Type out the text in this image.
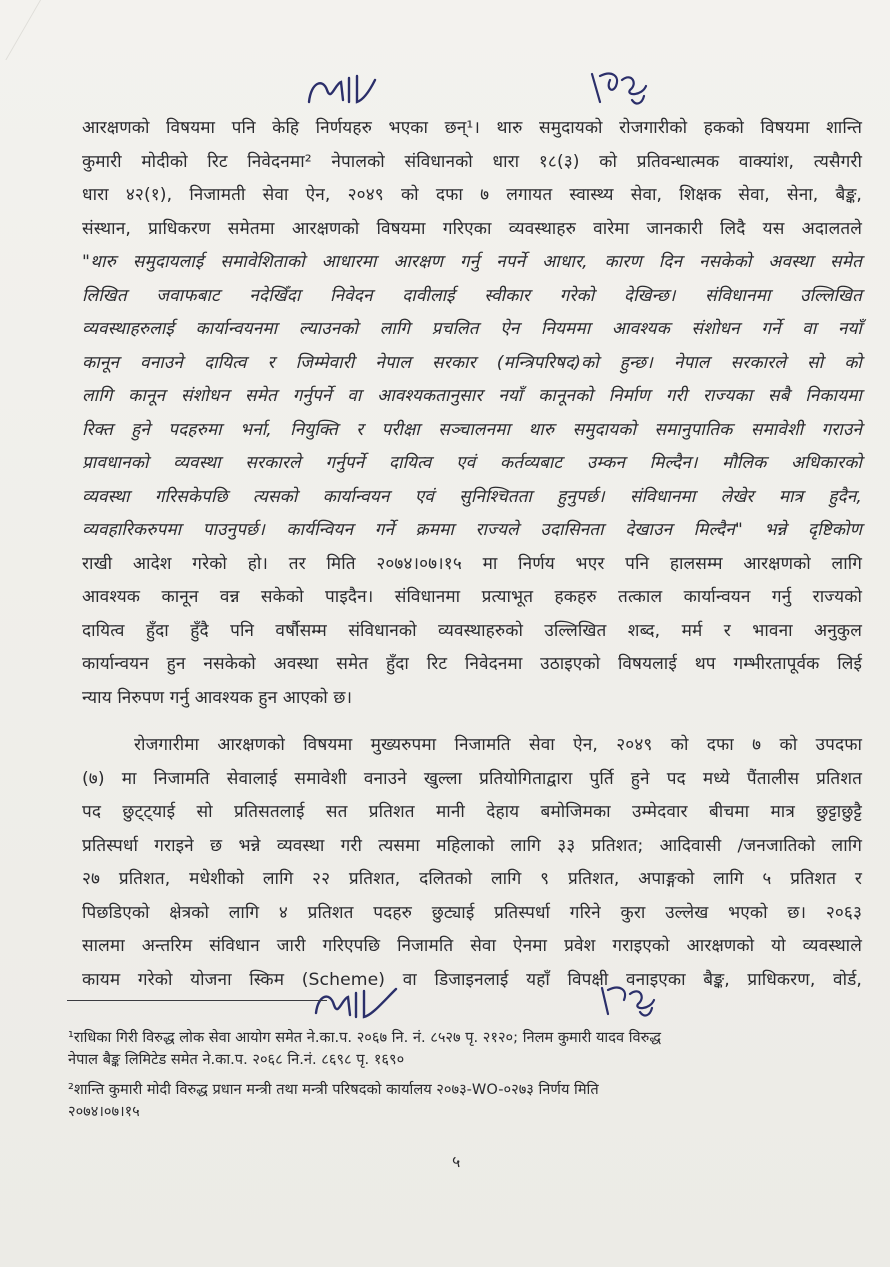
आरक्षणको विषयमा पनि केहि निर्णयहरु भएका छन्¹। थारु समुदायको रोजगारीको हकको विषयमा शान्ति
कुमारी मोदीको रिट निवेदनमा² नेपालको संविधानको धारा १८(३) को प्रतिवन्धात्मक वाक्यांश, त्यसैगरी
धारा ४२(१), निजामती सेवा ऐन, २०४९ को दफा ७ लगायत स्वास्थ्य सेवा, शिक्षक सेवा, सेना, बैङ्क,
संस्थान, प्राधिकरण समेतमा आरक्षणको विषयमा गरिएका व्यवस्थाहरु वारेमा जानकारी लिदै यस अदालतले
"थारु समुदायलाई समावेशिताको आधारमा आरक्षण गर्नु नपर्ने आधार, कारण दिन नसकेको अवस्था समेत
लिखित जवाफबाट नदेखिँदा निवेदन दावीलाई स्वीकार गरेको देखिन्छ। संविधानमा उल्लिखित
व्यवस्थाहरुलाई कार्यान्वयनमा ल्याउनको लागि प्रचलित ऐन नियममा आवश्यक संशोधन गर्ने वा नयाँ
कानून वनाउने दायित्व र जिम्मेवारी नेपाल सरकार (मन्त्रिपरिषद)को हुन्छ। नेपाल सरकारले सो को
लागि कानून संशोधन समेत गर्नुपर्ने वा आवश्यकतानुसार नयाँ कानूनको निर्माण गरी राज्यका सबै निकायमा
रिक्त हुने पदहरुमा भर्ना, नियुक्ति र परीक्षा सञ्चालनमा थारु समुदायको समानुपातिक समावेशी गराउने
प्रावधानको व्यवस्था सरकारले गर्नुपर्ने दायित्व एवं कर्तव्यबाट उम्कन मिल्दैन। मौलिक अधिकारको
व्यवस्था गरिसकेपछि त्यसको कार्यान्वयन एवं सुनिश्चितता हुनुपर्छ। संविधानमा लेखेर मात्र हुदैन,
व्यवहारिकरुपमा पाउनुपर्छ। कार्यन्वियन गर्ने क्रममा राज्यले उदासिनता देखाउन मिल्दैन" भन्ने दृष्टिकोण
राखी आदेश गरेको हो। तर मिति २०७४।०७।१५ मा निर्णय भएर पनि हालसम्म आरक्षणको लागि
आवश्यक कानून वन्न सकेको पाइदैन। संविधानमा प्रत्याभूत हकहरु तत्काल कार्यान्वयन गर्नु राज्यको
दायित्व हुँदा हुँदै पनि वर्षौसम्म संविधानको व्यवस्थाहरुको उल्लिखित शब्द, मर्म र भावना अनुकुल
कार्यान्वयन हुन नसकेको अवस्था समेत हुँदा रिट निवेदनमा उठाइएको विषयलाई थप गम्भीरतापूर्वक लिई
न्याय निरुपण गर्नु आवश्यक हुन आएको छ।
रोजगारीमा आरक्षणको विषयमा मुख्यरुपमा निजामति सेवा ऐन, २०४९ को दफा ७ को उपदफा
(७) मा निजामति सेवालाई समावेशी वनाउने खुल्ला प्रतियोगिताद्वारा पुर्ति हुने पद मध्ये पैंतालीस प्रतिशत
पद छुट्ट्याई सो प्रतिसतलाई सत प्रतिशत मानी देहाय बमोजिमका उम्मेदवार बीचमा मात्र छुट्टाछुट्टै
प्रतिस्पर्धा गराइने छ भन्ने व्यवस्था गरी त्यसमा महिलाको लागि ३३ प्रतिशत; आदिवासी /जनजातिको लागि
२७ प्रतिशत, मधेशीको लागि २२ प्रतिशत, दलितको लागि ९ प्रतिशत, अपाङ्गको लागि ५ प्रतिशत र
पिछडिएको क्षेत्रको लागि ४ प्रतिशत पदहरु छुट्याई प्रतिस्पर्धा गरिने कुरा उल्लेख भएको छ। २०६३
सालमा अन्तरिम संविधान जारी गरिएपछि निजामति सेवा ऐनमा प्रवेश गराइएको आरक्षणको यो व्यवस्थाले
कायम गरेको योजना स्किम (Scheme) वा डिजाइनलाई यहाँ विपक्षी वनाइएका बैङ्क, प्राधिकरण, वोर्ड,
¹राधिका गिरी विरुद्ध लोक सेवा आयोग समेत ने.का.प. २०६७ नि. नं. ८५२७ पृ. २१२०; निलम कुमारी यादव विरुद्ध
नेपाल बैङ्क लिमिटेड समेत ने.का.प. २०६८ नि.नं. ८६९८ पृ. १६९०
²शान्ति कुमारी मोदी विरुद्ध प्रधान मन्त्री तथा मन्त्री परिषदको कार्यालय २०७३-WO-०२७३ निर्णय मिति
२०७४।०७।१५
५
